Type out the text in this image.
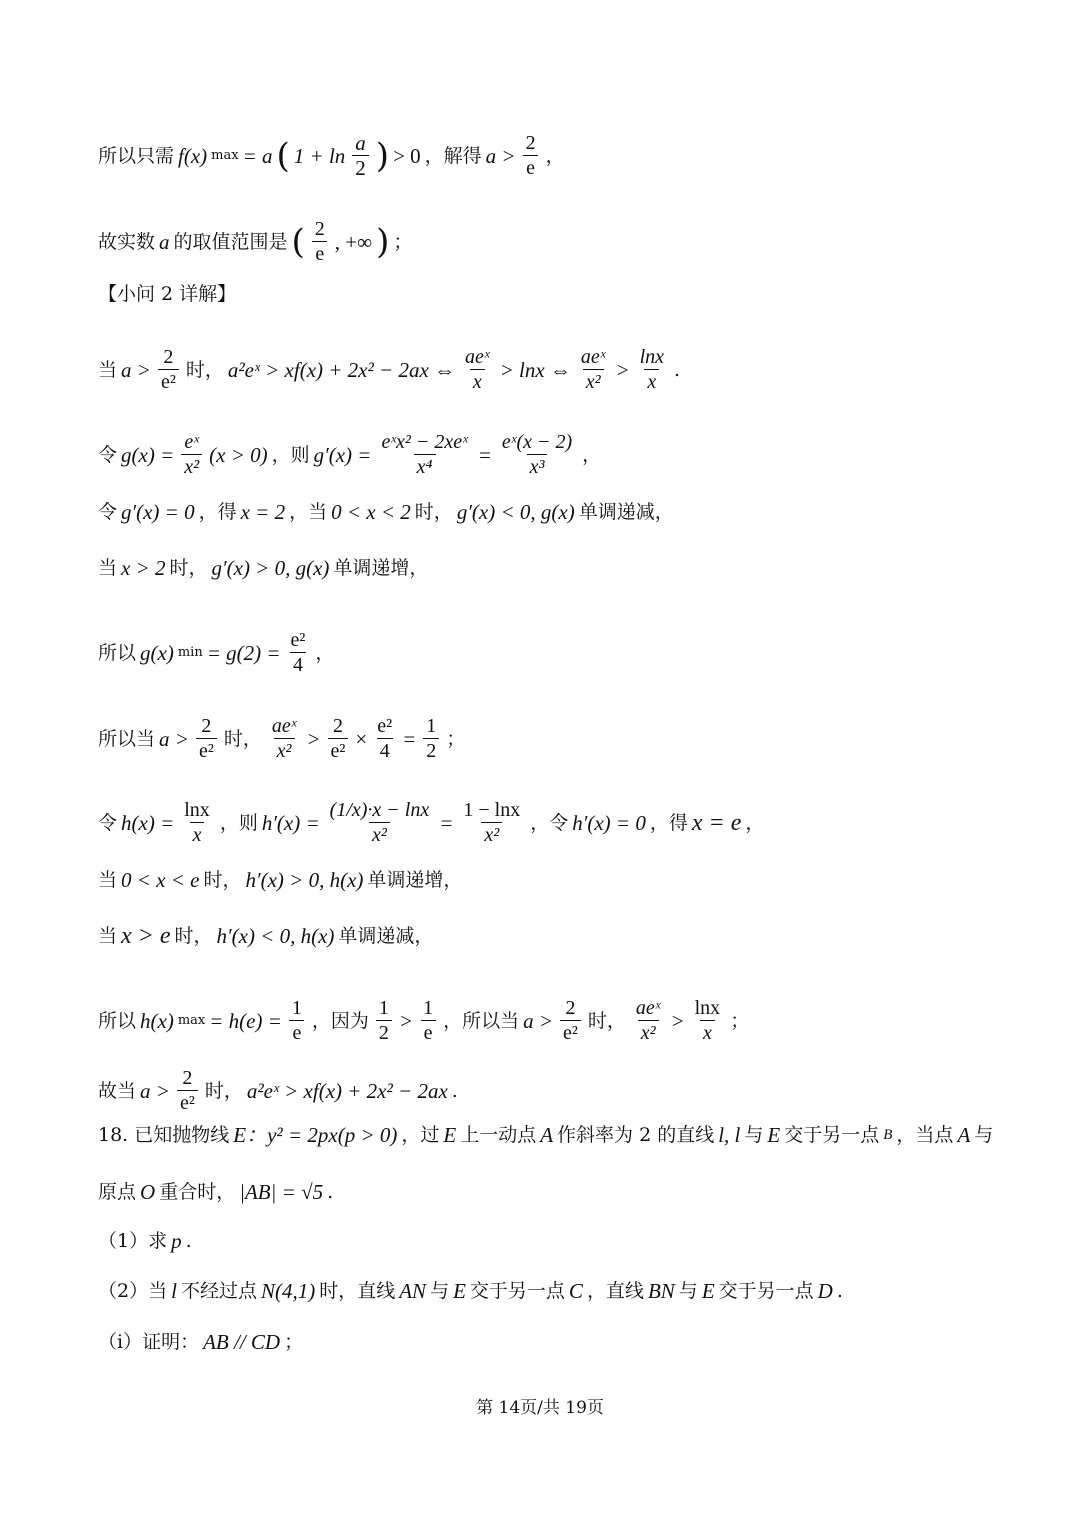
所以只需 f(x) max = a ( $1 + \ln \frac{a}{2}$ ) > 0 ，解得 $a > \frac{2}{e}$ ，
故实数 a 的取值范围是 ( $\frac{2}{e}$ , +∞ ) ；
【小问 2 详解】
当 $a > \frac{2}{\text{e²}}$ 时， a²eˣ > xf(x) + 2x² − 2ax ⇔ $\frac{\text{aeˣ}}{x} > \ln x$ ⇔ $\frac{\text{aeˣ}}{\text{x²}} > \frac{\ln x}{x}$ .
令 $g(x) = \frac{\text{eˣ}}{\text{x²}} (x > 0)$ ，则 $g'(x) = \frac{\text{eˣx² − 2xeˣ}}{\text{x⁴}} = \frac{\text{eˣ(x − 2)}}{\text{x³}}$ ，
令 g′(x) = 0 ，得 x = 2 ，当 0 < x < 2 时， g′(x) < 0, g(x) 单调递减，
当 x > 2 时， g′(x) > 0, g(x) 单调递增，
所以 g(x) $\min = g(2) = \frac{\text{e²}}{4}$ ，
所以当 $a > \frac{2}{\text{e²}}$ 时， $\frac{\text{aeˣ}}{\text{x²}} > \frac{2}{\text{e²}} \times \frac{\text{e²}}{4} = \frac{1}{2}$ ；
令 $h(x) = \frac{\ln x}{x}$ ，则 $h'(x) = \frac{(1/x)\cdot x - \ln x}{\text{x²}} = \frac{1 - \ln x}{\text{x²}}$ ，令 h′(x) = 0 ，得 x = e ，
当 0 < x < e 时， h′(x) > 0, h(x) 单调递增，
当 x > e 时， h′(x) < 0, h(x) 单调递减，
所以 h(x) $\max = h(e) = \frac{1}{e}$ ，因为 $\frac{1}{2} > \frac{1}{e}$ ，所以当 $a > \frac{2}{\text{e²}}$ 时， $\frac{\text{aeˣ}}{\text{x²}} > \frac{\ln x}{x}$ ；
故当 $a > \frac{2}{\text{e²}}$ 时， a²eˣ > xf(x) + 2x² − 2ax .
18. 已知抛物线 E：y² = 2px(p > 0) ，过 E 上一动点 A 作斜率为 2 的直线 l, l 与 E 交于另一点 B ，当点 A 与
原点 O 重合时， |AB| = √5 .
（1）求 p .
（2）当 l 不经过点 N(4,1) 时，直线 AN 与 E 交于另一点 C ，直线 BN 与 E 交于另一点 D .
（i）证明： AB // CD ；
第 14页/共 19页
